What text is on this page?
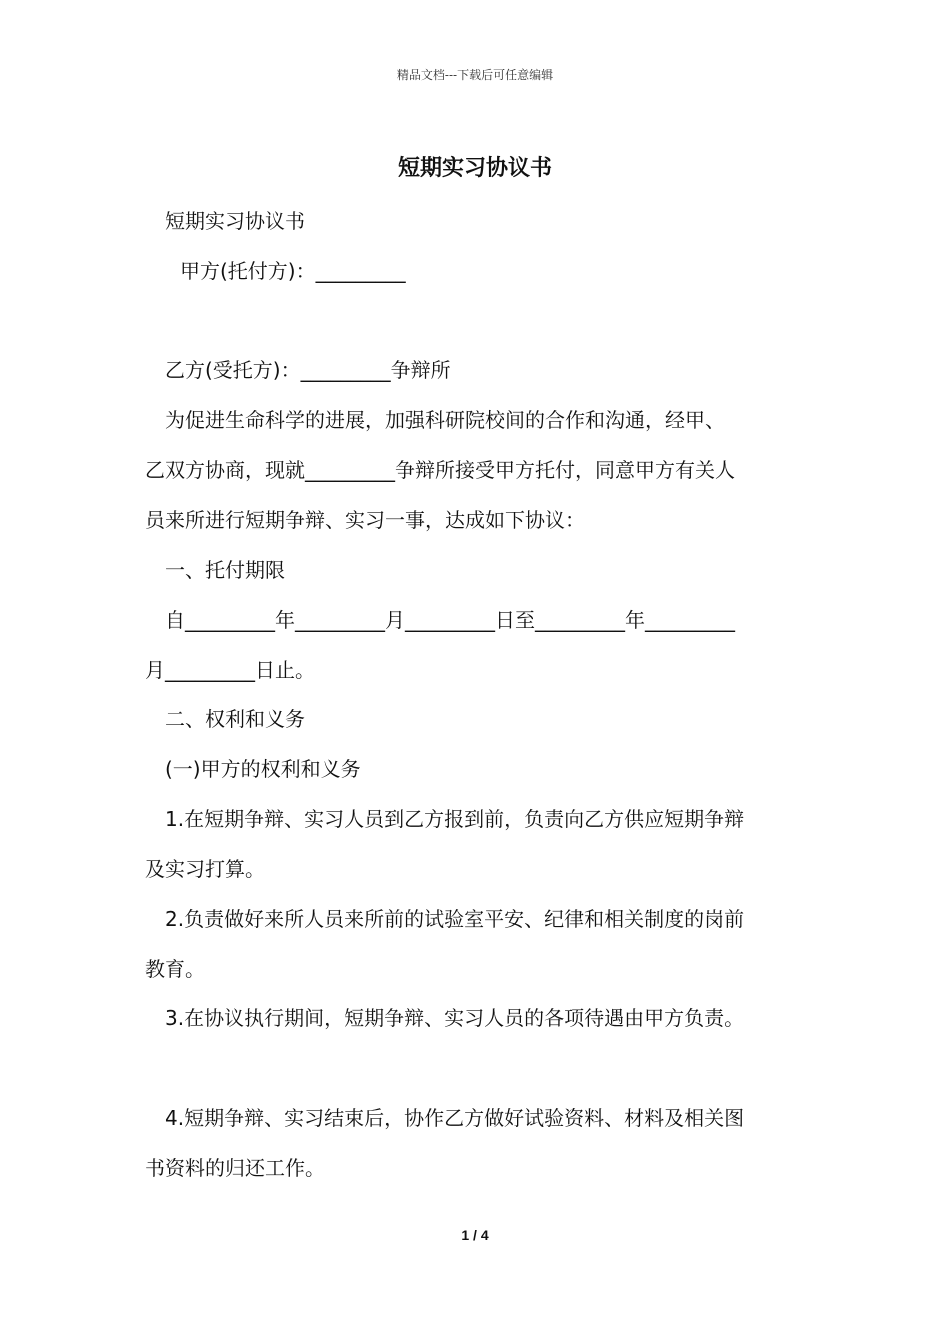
精品文档---下载后可任意编辑

短期实习协议书

短期实习协议书

甲方(托付方)：_________

乙方(受托方)：_________争辩所

为促进生命科学的进展，加强科研院校间的合作和沟通，经甲、

乙双方协商，现就_________争辩所接受甲方托付，同意甲方有关人

员来所进行短期争辩、实习一事，达成如下协议：

一、托付期限

自_________年_________月_________日至_________年_________

月_________日止。

二、权利和义务

(一)甲方的权利和义务

1.在短期争辩、实习人员到乙方报到前，负责向乙方供应短期争辩

及实习打算。

2.负责做好来所人员来所前的试验室平安、纪律和相关制度的岗前

教育。

3.在协议执行期间，短期争辩、实习人员的各项待遇由甲方负责。

4.短期争辩、实习结束后，协作乙方做好试验资料、材料及相关图

书资料的归还工作。

1 / 4
